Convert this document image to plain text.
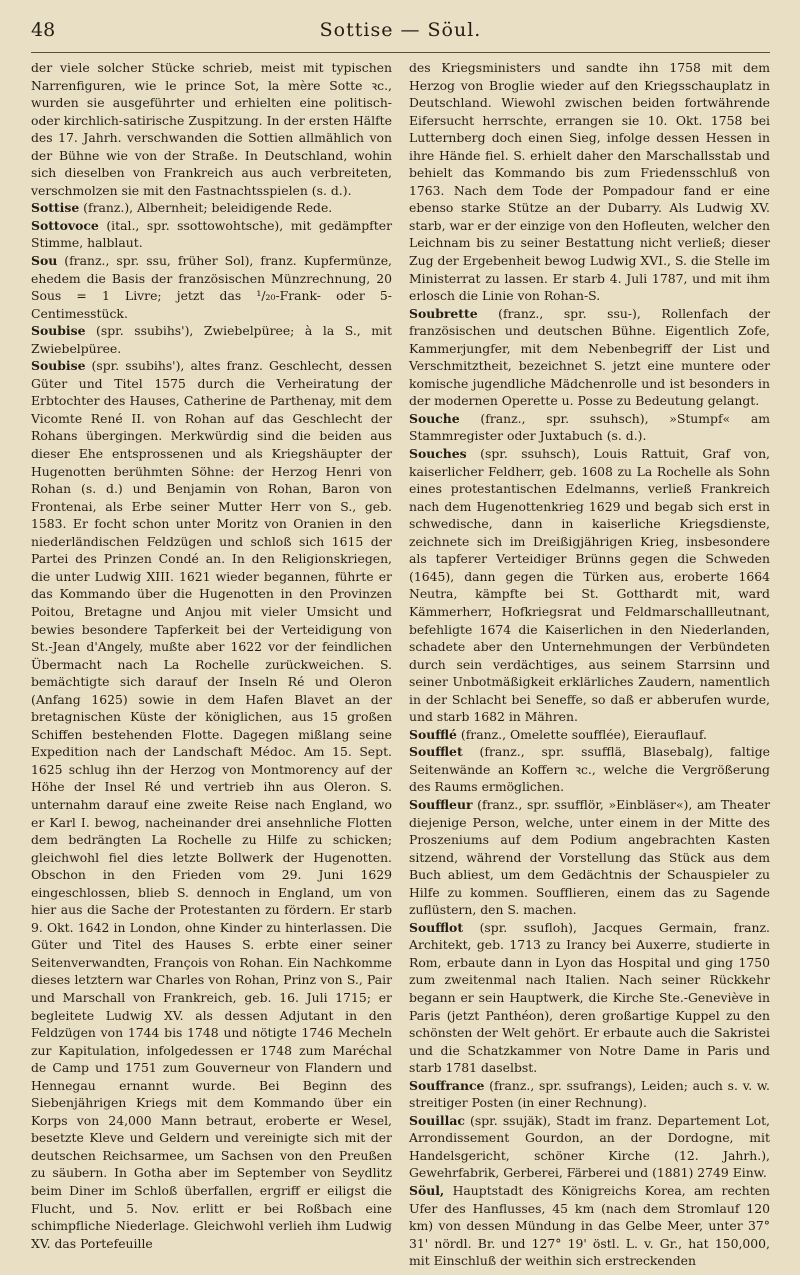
48	Sottise — Söul.

der viele solcher Stücke schrieb, meist mit typischen Narrenfiguren, wie le prince Sot, la mère Sotte ꝛc., wurden sie ausgeführter und erhielten eine politisch- oder kirchlich-satirische Zuspitzung. In der ersten Hälfte des 17. Jahrh. verschwanden die Sottien allmählich von der Bühne wie von der Straße. In Deutschland, wohin sich dieselben von Frankreich aus auch verbreiteten, verschmolzen sie mit den Fastnachtsspielen (s. d.).

Sottise (franz.), Albernheit; beleidigende Rede.

Sottovoce (ital., spr. ssottowohtsche), mit gedämpfter Stimme, halblaut.

Sou (franz., spr. ssu, früher Sol), franz. Kupfermünze, ehedem die Basis der französischen Münzrechnung, 20 Sous = 1 Livre; jetzt das ¹/₂₀-Frank- oder 5-Centimesstück.

Soubise (spr. ssubihs'), Zwiebelpüree; à la S., mit Zwiebelpüree.

Soubise (spr. ssubihs'), altes franz. Geschlecht, dessen Güter und Titel 1575 durch die Verheiratung der Erbtochter des Hauses, Catherine de Parthenay, mit dem Vicomte René II. von Rohan auf das Geschlecht der Rohans übergingen. Merkwürdig sind die beiden aus dieser Ehe entsprossenen und als Kriegshäupter der Hugenotten berühmten Söhne: der Herzog Henri von Rohan (s. d.) und Benjamin von Rohan, Baron von Frontenai, als Erbe seiner Mutter Herr von S., geb. 1583. Er focht schon unter Moritz von Oranien in den niederländischen Feldzügen und schloß sich 1615 der Partei des Prinzen Condé an. In den Religionskriegen, die unter Ludwig XIII. 1621 wieder begannen, führte er das Kommando über die Hugenotten in den Provinzen Poitou, Bretagne und Anjou mit vieler Umsicht und bewies besondere Tapferkeit bei der Verteidigung von St.-Jean d'Angely, mußte aber 1622 vor der feindlichen Übermacht nach La Rochelle zurückweichen. S. bemächtigte sich darauf der Inseln Ré und Oleron (Anfang 1625) sowie in dem Hafen Blavet an der bretagnischen Küste der königlichen, aus 15 großen Schiffen bestehenden Flotte. Dagegen mißlang seine Expedition nach der Landschaft Médoc. Am 15. Sept. 1625 schlug ihn der Herzog von Montmorency auf der Höhe der Insel Ré und vertrieb ihn aus Oleron. S. unternahm darauf eine zweite Reise nach England, wo er Karl I. bewog, nacheinander drei ansehnliche Flotten dem bedrängten La Rochelle zu Hilfe zu schicken; gleichwohl fiel dies letzte Bollwerk der Hugenotten. Obschon in den Frieden vom 29. Juni 1629 eingeschlossen, blieb S. dennoch in England, um von hier aus die Sache der Protestanten zu fördern. Er starb 9. Okt. 1642 in London, ohne Kinder zu hinterlassen. Die Güter und Titel des Hauses S. erbte einer seiner Seitenverwandten, François von Rohan. Ein Nachkomme dieses letztern war Charles von Rohan, Prinz von S., Pair und Marschall von Frankreich, geb. 16. Juli 1715; er begleitete Ludwig XV. als dessen Adjutant in den Feldzügen von 1744 bis 1748 und nötigte 1746 Mecheln zur Kapitulation, infolgedessen er 1748 zum Maréchal de Camp und 1751 zum Gouverneur von Flandern und Hennegau ernannt wurde. Bei Beginn des Siebenjährigen Kriegs mit dem Kommando über ein Korps von 24,000 Mann betraut, eroberte er Wesel, besetzte Kleve und Geldern und vereinigte sich mit der deutschen Reichsarmee, um Sachsen von den Preußen zu säubern. In Gotha aber im September von Seydlitz beim Diner im Schloß überfallen, ergriff er eiligst die Flucht, und 5. Nov. erlitt er bei Roßbach eine schimpfliche Niederlage. Gleichwohl verlieh ihm Ludwig XV. das Portefeuille

des Kriegsministers und sandte ihn 1758 mit dem Herzog von Broglie wieder auf den Kriegsschauplatz in Deutschland. Wiewohl zwischen beiden fortwährende Eifersucht herrschte, errangen sie 10. Okt. 1758 bei Lutternberg doch einen Sieg, infolge dessen Hessen in ihre Hände fiel. S. erhielt daher den Marschallsstab und behielt das Kommando bis zum Friedensschluß von 1763. Nach dem Tode der Pompadour fand er eine ebenso starke Stütze an der Dubarry. Als Ludwig XV. starb, war er der einzige von den Hofleuten, welcher den Leichnam bis zu seiner Bestattung nicht verließ; dieser Zug der Ergebenheit bewog Ludwig XVI., S. die Stelle im Ministerrat zu lassen. Er starb 4. Juli 1787, und mit ihm erlosch die Linie von Rohan-S.

Soubrette (franz., spr. ssu-), Rollenfach der französischen und deutschen Bühne. Eigentlich Zofe, Kammerjungfer, mit dem Nebenbegriff der List und Verschmitztheit, bezeichnet S. jetzt eine muntere oder komische jugendliche Mädchenrolle und ist besonders in der modernen Operette u. Posse zu Bedeutung gelangt.

Souche (franz., spr. ssuhsch), »Stumpf« am Stammregister oder Juxtabuch (s. d.).

Souches (spr. ssuhsch), Louis Rattuit, Graf von, kaiserlicher Feldherr, geb. 1608 zu La Rochelle als Sohn eines protestantischen Edelmanns, verließ Frankreich nach dem Hugenottenkrieg 1629 und begab sich erst in schwedische, dann in kaiserliche Kriegsdienste, zeichnete sich im Dreißigjährigen Krieg, insbesondere als tapferer Verteidiger Brünns gegen die Schweden (1645), dann gegen die Türken aus, eroberte 1664 Neutra, kämpfte bei St. Gotthardt mit, ward Kämmerherr, Hofkriegsrat und Feldmarschallleutnant, befehligte 1674 die Kaiserlichen in den Niederlanden, schadete aber den Unternehmungen der Verbündeten durch sein verdächtiges, aus seinem Starrsinn und seiner Unbotmäßigkeit erklärliches Zaudern, namentlich in der Schlacht bei Seneffe, so daß er abberufen wurde, und starb 1682 in Mähren.

Soufflé (franz., Omelette soufflée), Eierauflauf.

Soufflet (franz., spr. ssufflä, Blasebalg), faltige Seitenwände an Koffern ꝛc., welche die Vergrößerung des Raums ermöglichen.

Souffleur (franz., spr. ssufflör, »Einbläser«), am Theater diejenige Person, welche, unter einem in der Mitte des Proszeniums auf dem Podium angebrachten Kasten sitzend, während der Vorstellung das Stück aus dem Buch abliest, um dem Gedächtnis der Schauspieler zu Hilfe zu kommen. Soufflieren, einem das zu Sagende zuflüstern, den S. machen.

Soufflot (spr. ssufloh), Jacques Germain, franz. Architekt, geb. 1713 zu Irancy bei Auxerre, studierte in Rom, erbaute dann in Lyon das Hospital und ging 1750 zum zweitenmal nach Italien. Nach seiner Rückkehr begann er sein Hauptwerk, die Kirche Ste.-Geneviève in Paris (jetzt Panthéon), deren großartige Kuppel zu den schönsten der Welt gehört. Er erbaute auch die Sakristei und die Schatzkammer von Notre Dame in Paris und starb 1781 daselbst.

Souffrance (franz., spr. ssufrangs), Leiden; auch s. v. w. streitiger Posten (in einer Rechnung).

Souillac (spr. ssujäk), Stadt im franz. Departement Lot, Arrondissement Gourdon, an der Dordogne, mit Handelsgericht, schöner Kirche (12. Jahrh.), Gewehrfabrik, Gerberei, Färberei und (1881) 2749 Einw.

Söul, Hauptstadt des Königreichs Korea, am rechten Ufer des Hanflusses, 45 km (nach dem Stromlauf 120 km) von dessen Mündung in das Gelbe Meer, unter 37° 31' nördl. Br. und 127° 19' östl. L. v. Gr., hat 150,000, mit Einschluß der weithin sich erstreckenden
